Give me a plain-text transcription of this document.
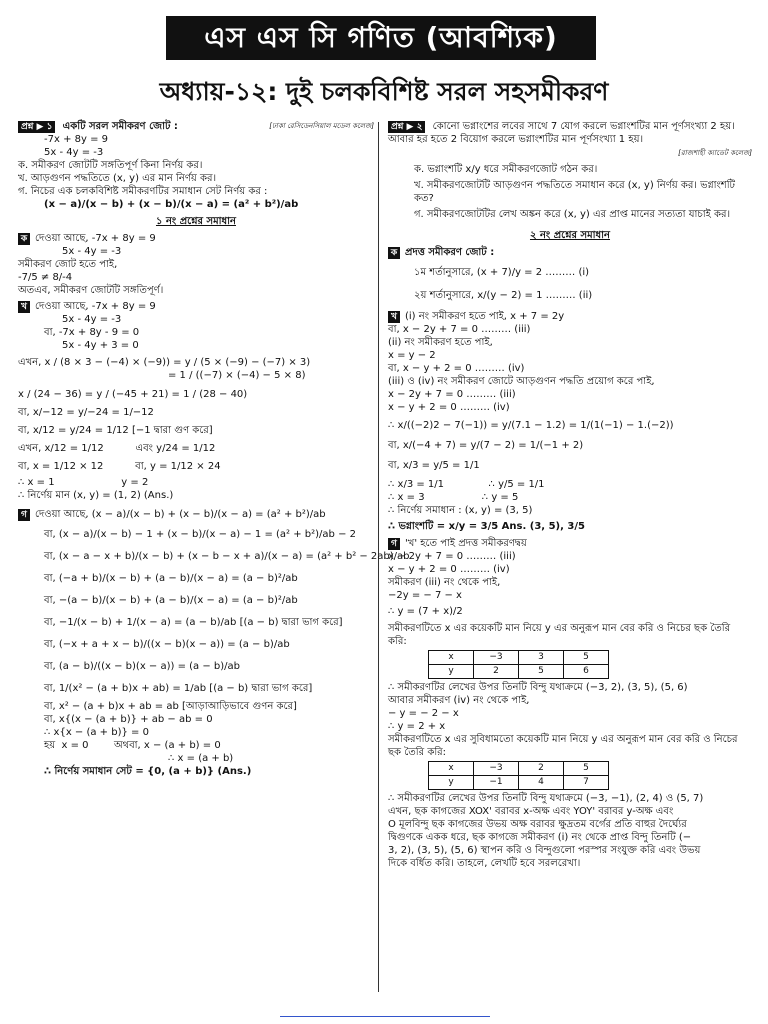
এস এস সি গণিত (আবশ্যিক)
অধ্যায়-১২: দুই চলকবিশিষ্ট সরল সহসমীকরণ
প্রশ্ন ▶ ১ একটি সরল সমীকরণ জোট :	[ঢাকা রেসিডেনসিয়াল মডেল কলেজ]
-7x + 8y = 9
5x - 4y = -3
ক. সমীকরণ জোটটি সঙ্গতিপূর্ণ কিনা নির্ণয় কর।
খ. আড়গুণন পদ্ধতিতে (x, y) এর মান নির্ণয় কর।
গ. নিচের এক চলকবিশিষ্ট সমীকরণটির সমাধান সেট নির্ণয় কর :
(x − a)/(x − b) + (x − b)/(x − a) = (a² + b²)/ab
১ নং প্রশ্নের সমাধান
ক দেওয়া আছে, -7x + 8y = 9
5x - 4y = -3
সমীকরণ জোট হতে পাই,
-7/5 ≠ 8/-4
অতএব, সমীকরণ জোটটি সঙ্গতিপূর্ণ।
খ দেওয়া আছে, -7x + 8y = 9
5x - 4y = -3
বা, -7x + 8y - 9 = 0
5x - 4y + 3 = 0
এখন, x / (8 × 3 − (−4) × (−9)) = y / (5 × (−9) − (−7) × 3)
= 1 / ((−7) × (−4) − 5 × 8)
x / (24 − 36) = y / (−45 + 21) = 1 / (28 − 40)
বা, x/−12 = y/−24 = 1/−12
বা, x/12 = y/24 = 1/12 [−1 দ্বারা গুণ করে]
এখন, x/12 = 1/12          এবং y/24 = 1/12
বা, x = 1/12 × 12          বা, y = 1/12 × 24
∴ x = 1                     y = 2
∴ নির্ণেয় মান (x, y) = (1, 2) (Ans.)
গ দেওয়া আছে, (x − a)/(x − b) + (x − b)/(x − a) = (a² + b²)/ab
বা, (x − a)/(x − b) − 1 + (x − b)/(x − a) − 1 = (a² + b²)/ab − 2
বা, (x − a − x + b)/(x − b) + (x − b − x + a)/(x − a) = (a² + b² − 2ab)/ab
বা, (−a + b)/(x − b) + (a − b)/(x − a) = (a − b)²/ab
বা, −(a − b)/(x − b) + (a − b)/(x − a) = (a − b)²/ab
বা, −1/(x − b) + 1/(x − a) = (a − b)/ab [(a − b) দ্বারা ভাগ করে]
বা, (−x + a + x − b)/((x − b)(x − a)) = (a − b)/ab
বা, (a − b)/((x − b)(x − a)) = (a − b)/ab
বা, 1/(x² − (a + b)x + ab) = 1/ab [(a − b) দ্বারা ভাগ করে]
বা, x² − (a + b)x + ab = ab [আড়াআড়িভাবে গুণন করে]
বা, x{(x − (a + b)} + ab − ab = 0
∴ x{x − (a + b)} = 0
হয়  x = 0        অথবা, x − (a + b) = 0
∴ x = (a + b)
∴ নির্ণেয় সমাধান সেট = {0, (a + b)} (Ans.)
প্রশ্ন ▶ ২ কোনো ভগ্নাংশের লবের সাথে 7 যোগ করলে ভগ্নাংশটির মান পূর্ণসংখ্যা 2 হয়। আবার হর হতে 2 বিয়োগ করলে ভগ্নাংশটির মান পূর্ণসংখ্যা 1 হয়।
[রাজশাহী ক্যাডেট কলেজ]
ক. ভগ্নাংশটি x/y ধরে সমীকরণজোট গঠন কর।
খ. সমীকরণজোটটি আড়গুণন পদ্ধতিতে সমাধান করে (x, y) নির্ণয় কর। ভগ্নাংশটি কত?
গ. সমীকরণজোটটির লেখ অঙ্কন করে (x, y) এর প্রাপ্ত মানের সত্যতা যাচাই কর।
২ নং প্রশ্নের সমাধান
ক প্রদত্ত সমীকরণ জোট :
১ম শর্তানুসারে, (x + 7)/y = 2 ……… (i)
২য় শর্তানুসারে, x/(y − 2) = 1 ……… (ii)
খ (i) নং সমীকরণ হতে পাই, x + 7 = 2y
বা, x − 2y + 7 = 0 ……… (iii)
(ii) নং সমীকরণ হতে পাই,
x = y − 2
বা, x − y + 2 = 0 ……… (iv)
(iii) ও (iv) নং সমীকরণ জোটে আড়গুণন পদ্ধতি প্রয়োগ করে পাই,
x − 2y + 7 = 0 ……… (iii)
x − y + 2 = 0 ……… (iv)
∴ x/((−2)2 − 7(−1)) = y/(7.1 − 1.2) = 1/(1(−1) − 1.(−2))
বা, x/(−4 + 7) = y/(7 − 2) = 1/(−1 + 2)
বা, x/3 = y/5 = 1/1
∴ x/3 = 1/1              ∴ y/5 = 1/1
∴ x = 3                  ∴ y = 5
∴ নির্ণেয় সমাধান : (x, y) = (3, 5)
∴ ভগ্নাংশটি = x/y = 3/5 Ans. (3, 5), 3/5
গ 'খ' হতে পাই প্রদত্ত সমীকরণদ্বয়
x − 2y + 7 = 0 ……… (iii)
x − y + 2 = 0 ……… (iv)
সমীকরণ (iii) নং থেকে পাই,
−2y = − 7 − x
∴ y = (7 + x)/2
সমীকরণটিতে x এর কয়েকটি মান নিয়ে y এর অনুরূপ মান বের করি ও নিচের ছক তৈরি করি:
x	−3	3	5
y	2	5	6
∴ সমীকরণটির লেখের উপর তিনটি বিন্দু যথাক্রমে (−3, 2), (3, 5), (5, 6)
আবার সমীকরণ (iv) নং থেকে পাই,
− y = − 2 − x
∴ y = 2 + x
সমীকরণটিতে x এর সুবিধামতো কয়েকটি মান নিয়ে y এর অনুরূপ মান বের করি ও নিচের ছক তৈরি করি:
x	−3	2	5
y	−1	4	7
∴ সমীকরণটির লেখের উপর তিনটি বিন্দু যথাক্রমে (−3, −1), (2, 4) ও (5, 7)
এখন, ছক কাগজের XOX' বরাবর x-অক্ষ এবং YOY' বরাবর y-অক্ষ এবং
O মূলবিন্দু ছক কাগজের উভয় অক্ষ বরাবর ক্ষুদ্রতম বর্গের প্রতি বাহুর দৈর্ঘ্যের
দ্বিগুণকে একক ধরে, ছক কাগজে সমীকরণ (i) নং থেকে প্রাপ্ত বিন্দু তিনটি (−
3, 2), (3, 5), (5, 6) স্থাপন করি ও বিন্দুগুলো পরস্পর সংযুক্ত করি এবং উভয়
দিকে বর্ধিত করি। তাহলে, লেখটি হবে সরলরেখা।
